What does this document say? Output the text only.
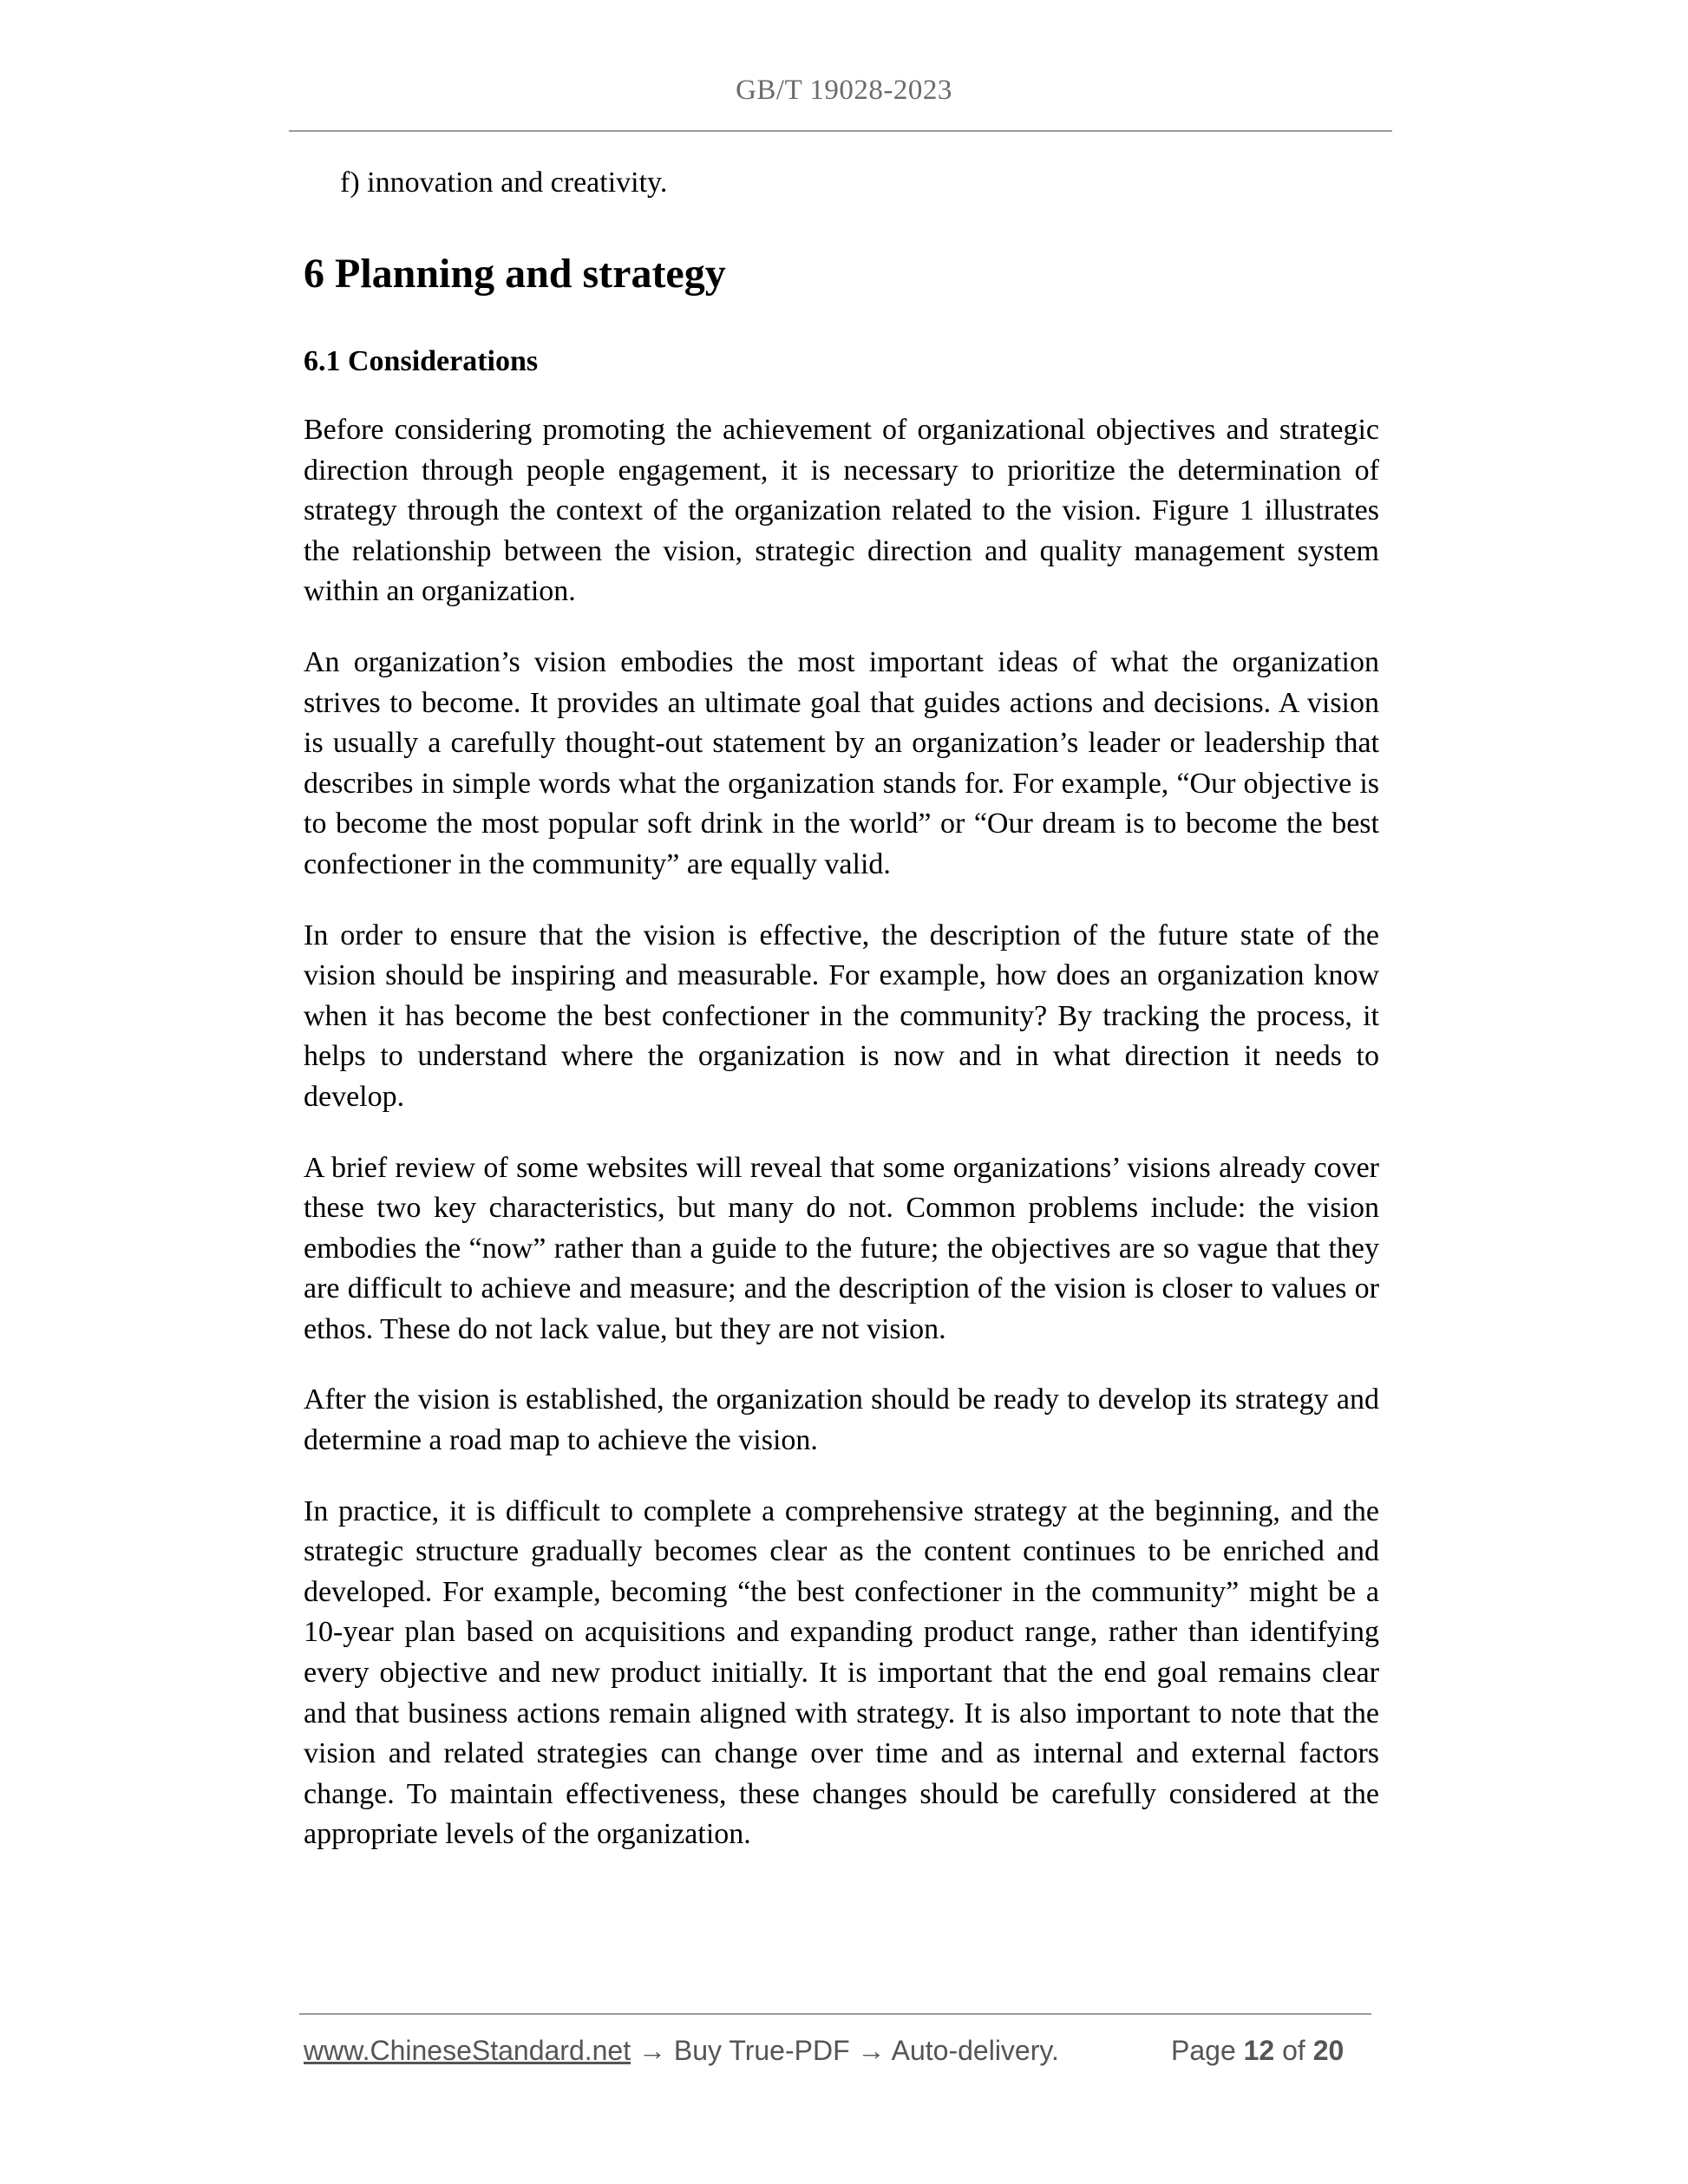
GB/T 19028-2023

f) innovation and creativity.

6 Planning and strategy
6.1 Considerations

Before considering promoting the achievement of organizational objectives and strategic direction through people engagement, it is necessary to prioritize the determination of strategy through the context of the organization related to the vision. Figure 1 illustrates the relationship between the vision, strategic direction and quality management system within an organization.

An organization’s vision embodies the most important ideas of what the organization strives to become. It provides an ultimate goal that guides actions and decisions. A vision is usually a carefully thought-out statement by an organization’s leader or leadership that describes in simple words what the organization stands for. For example, “Our objective is to become the most popular soft drink in the world” or “Our dream is to become the best confectioner in the community” are equally valid.

In order to ensure that the vision is effective, the description of the future state of the vision should be inspiring and measurable. For example, how does an organization know when it has become the best confectioner in the community? By tracking the process, it helps to understand where the organization is now and in what direction it needs to develop.

A brief review of some websites will reveal that some organizations’ visions already cover these two key characteristics, but many do not. Common problems include: the vision embodies the “now” rather than a guide to the future; the objectives are so vague that they are difficult to achieve and measure; and the description of the vision is closer to values or ethos. These do not lack value, but they are not vision.

After the vision is established, the organization should be ready to develop its strategy and determine a road map to achieve the vision.

In practice, it is difficult to complete a comprehensive strategy at the beginning, and the strategic structure gradually becomes clear as the content continues to be enriched and developed. For example, becoming “the best confectioner in the community” might be a 10-year plan based on acquisitions and expanding product range, rather than identifying every objective and new product initially. It is important that the end goal remains clear and that business actions remain aligned with strategy. It is also important to note that the vision and related strategies can change over time and as internal and external factors change. To maintain effectiveness, these changes should be carefully considered at the appropriate levels of the organization.

www.ChineseStandard.net → Buy True-PDF → Auto-delivery.	Page 12 of 20
